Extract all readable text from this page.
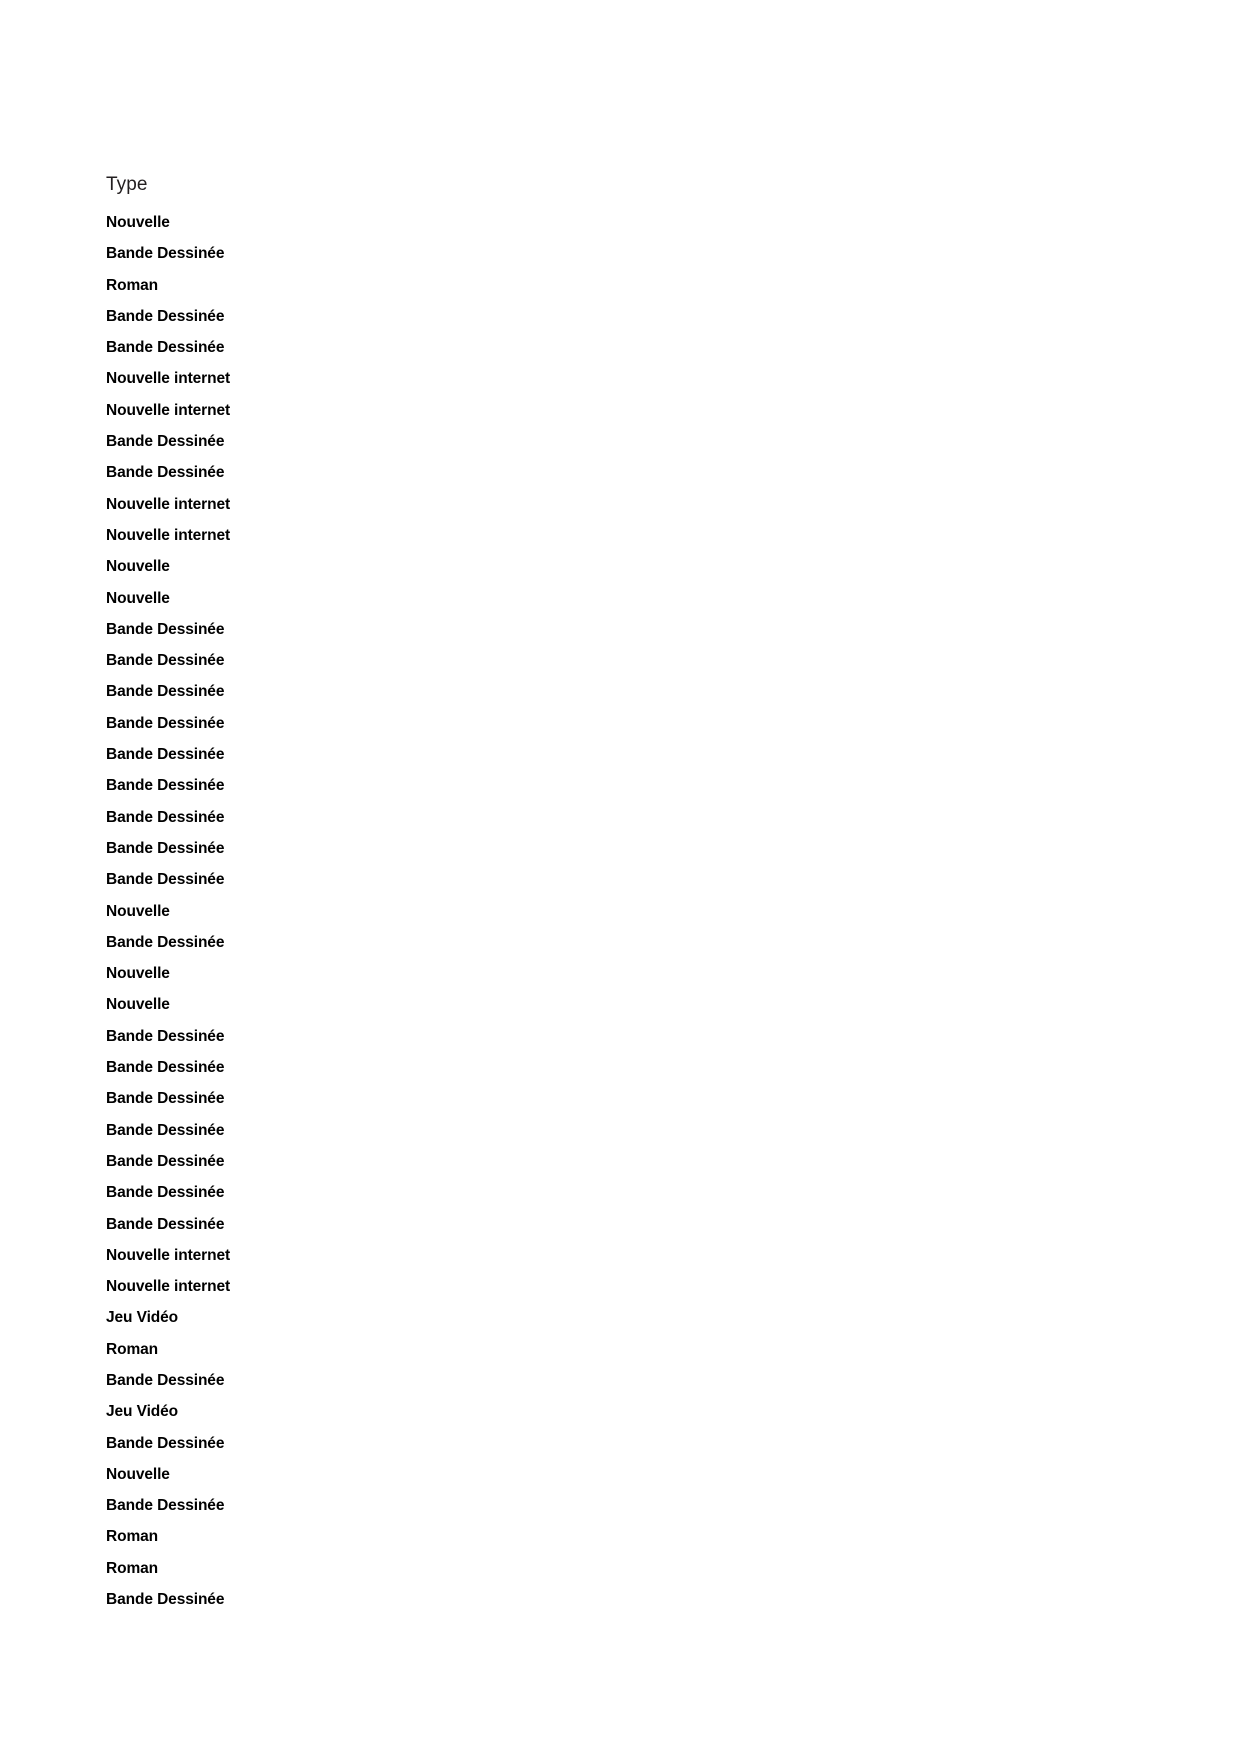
Type
Nouvelle
Bande Dessinée
Roman
Bande Dessinée
Bande Dessinée
Nouvelle internet
Nouvelle internet
Bande Dessinée
Bande Dessinée
Nouvelle internet
Nouvelle internet
Nouvelle
Nouvelle
Bande Dessinée
Bande Dessinée
Bande Dessinée
Bande Dessinée
Bande Dessinée
Bande Dessinée
Bande Dessinée
Bande Dessinée
Bande Dessinée
Nouvelle
Bande Dessinée
Nouvelle
Nouvelle
Bande Dessinée
Bande Dessinée
Bande Dessinée
Bande Dessinée
Bande Dessinée
Bande Dessinée
Bande Dessinée
Nouvelle internet
Nouvelle internet
Jeu Vidéo
Roman
Bande Dessinée
Jeu Vidéo
Bande Dessinée
Nouvelle
Bande Dessinée
Roman
Roman
Bande Dessinée
